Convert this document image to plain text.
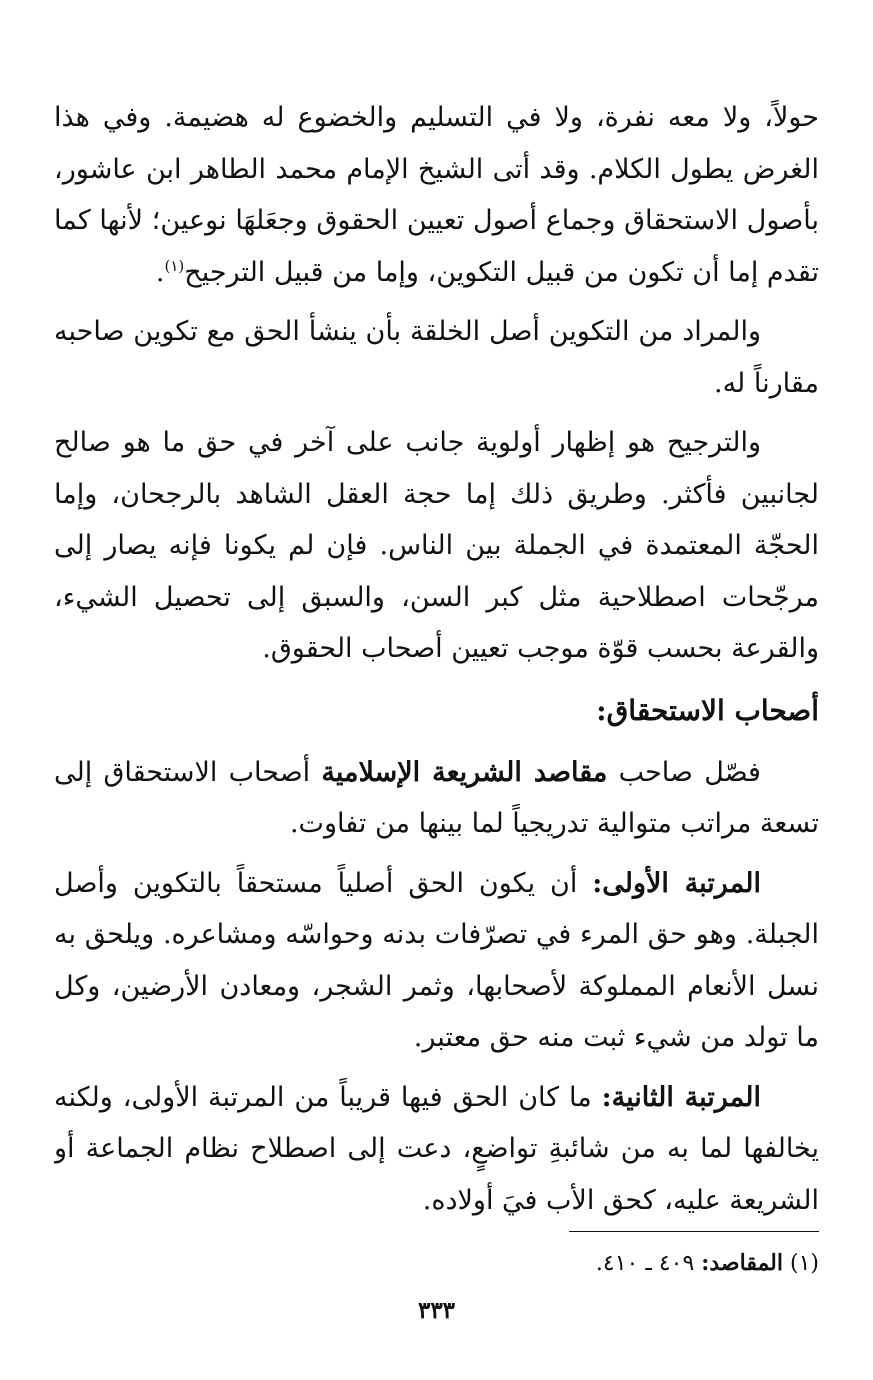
حولاً، ولا معه نفرة، ولا في التسليم والخضوع له هضيمة. وفي هذا الغرض يطول الكلام. وقد أتى الشيخ الإمام محمد الطاهر ابن عاشور، بأصول الاستحقاق وجماع أصول تعيين الحقوق وجعَلهَا نوعين؛ لأنها كما تقدم إما أن تكون من قبيل التكوين، وإما من قبيل الترجيح$^{(١)}$.

والمراد من التكوين أصل الخلقة بأن ينشأ الحق مع تكوين صاحبه مقارناً له.

والترجيح هو إظهار أولوية جانب على آخر في حق ما هو صالح لجانبين فأكثر. وطريق ذلك إما حجة العقل الشاهد بالرجحان، وإما الحجّة المعتمدة في الجملة بين الناس. فإن لم يكونا فإنه يصار إلى مرجّحات اصطلاحية مثل كبر السن، والسبق إلى تحصيل الشيء، والقرعة بحسب قوّة موجب تعيين أصحاب الحقوق.

أصحاب الاستحقاق:

فصّل صاحب مقاصد الشريعة الإسلامية أصحاب الاستحقاق إلى تسعة مراتب متوالية تدريجياً لما بينها من تفاوت.

المرتبة الأولى: أن يكون الحق أصلياً مستحقاً بالتكوين وأصل الجبلة. وهو حق المرء في تصرّفات بدنه وحواسّه ومشاعره. ويلحق به نسل الأنعام المملوكة لأصحابها، وثمر الشجر، ومعادن الأرضين، وكل ما تولد من شيء ثبت منه حق معتبر.

المرتبة الثانية: ما كان الحق فيها قريباً من المرتبة الأولى، ولكنه يخالفها لما به من شائبةِ تواضعٍ، دعت إلى اصطلاح نظام الجماعة أو الشريعة عليه، كحق الأب فيَ أولاده.

(١) المقاصد: ٤٠٩ ـ ٤١٠.

٣٣٣
